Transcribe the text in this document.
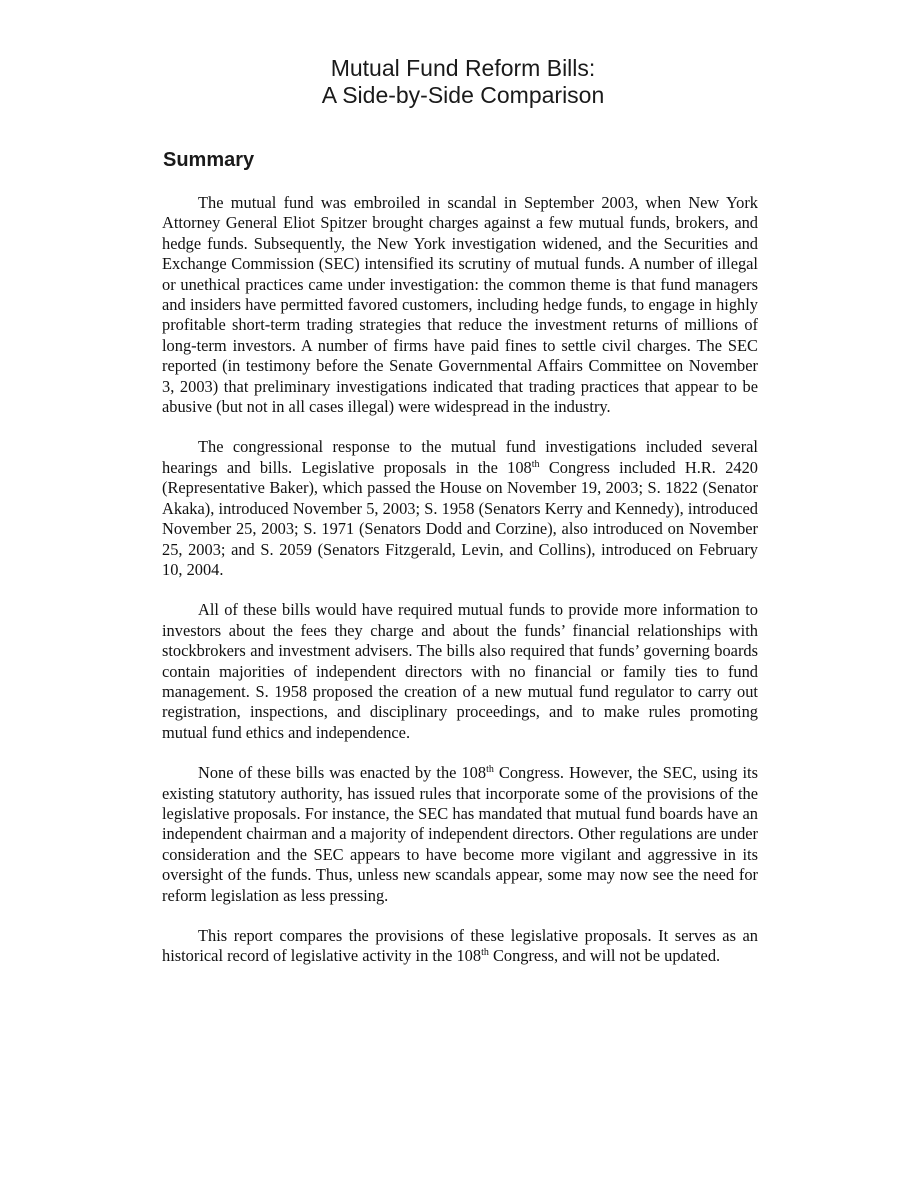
Mutual Fund Reform Bills:
A Side-by-Side Comparison
Summary

The mutual fund was embroiled in scandal in September 2003, when New York Attorney General Eliot Spitzer brought charges against a few mutual funds, brokers, and hedge funds. Subsequently, the New York investigation widened, and the Securities and Exchange Commission (SEC) intensified its scrutiny of mutual funds. A number of illegal or unethical practices came under investigation: the common theme is that fund managers and insiders have permitted favored customers, including hedge funds, to engage in highly profitable short-term trading strategies that reduce the investment returns of millions of long-term investors. A number of firms have paid fines to settle civil charges. The SEC reported (in testimony before the Senate Governmental Affairs Committee on November 3, 2003) that preliminary investigations indicated that trading practices that appear to be abusive (but not in all cases illegal) were widespread in the industry.

The congressional response to the mutual fund investigations included several hearings and bills. Legislative proposals in the 108th Congress included H.R. 2420 (Representative Baker), which passed the House on November 19, 2003; S. 1822 (Senator Akaka), introduced November 5, 2003; S. 1958 (Senators Kerry and Kennedy), introduced November 25, 2003; S. 1971 (Senators Dodd and Corzine), also introduced on November 25, 2003; and S. 2059 (Senators Fitzgerald, Levin, and Collins), introduced on February 10, 2004.

All of these bills would have required mutual funds to provide more information to investors about the fees they charge and about the funds’ financial relationships with stockbrokers and investment advisers. The bills also required that funds’ governing boards contain majorities of independent directors with no financial or family ties to fund management. S. 1958 proposed the creation of a new mutual fund regulator to carry out registration, inspections, and disciplinary proceedings, and to make rules promoting mutual fund ethics and independence.

None of these bills was enacted by the 108th Congress. However, the SEC, using its existing statutory authority, has issued rules that incorporate some of the provisions of the legislative proposals. For instance, the SEC has mandated that mutual fund boards have an independent chairman and a majority of independent directors. Other regulations are under consideration and the SEC appears to have become more vigilant and aggressive in its oversight of the funds. Thus, unless new scandals appear, some may now see the need for reform legislation as less pressing.

This report compares the provisions of these legislative proposals. It serves as an historical record of legislative activity in the 108th Congress, and will not be updated.
